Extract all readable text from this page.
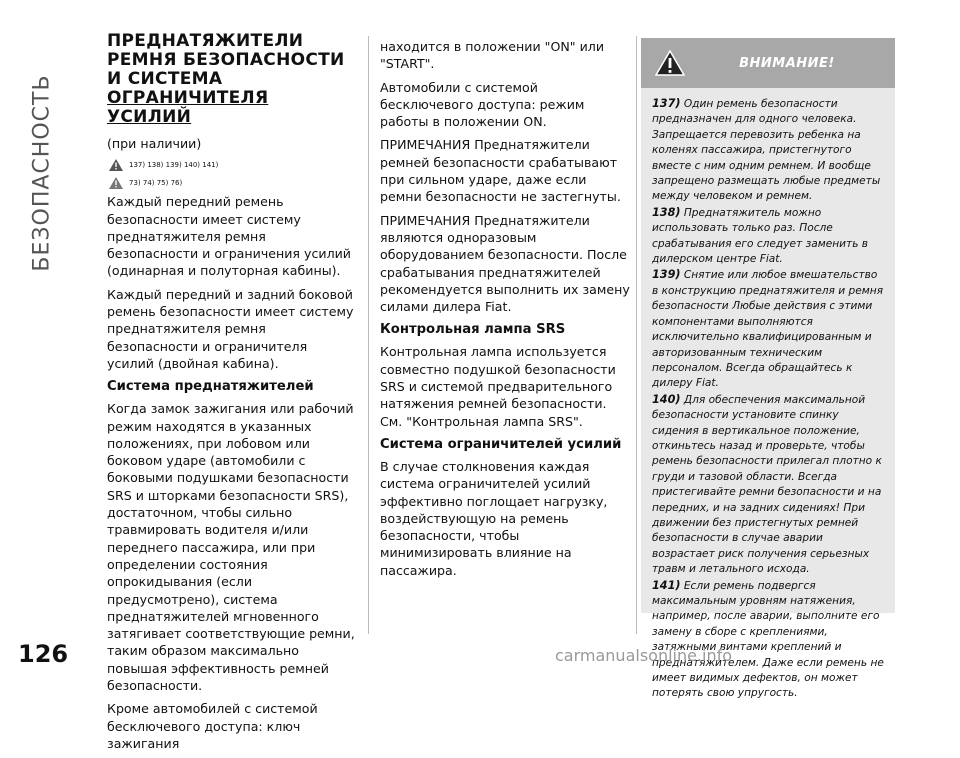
БЕЗОПАСНОСТЬ
ПРЕДНАТЯЖИТЕЛИ
РЕМНЯ БЕЗОПАСНОСТИ
И СИСТЕМА
ОГРАНИЧИТЕЛЯ УСИЛИЙ

(при наличии)

137) 138) 139) 140) 141)
73) 74) 75) 76)

Каждый передний ремень безопасности имеет систему преднатяжителя ремня безопасности и ограничения усилий (одинарная и полуторная кабины).

Каждый передний и задний боковой ремень безопасности имеет систему преднатяжителя ремня безопасности и ограничителя усилий (двойная кабина).

Система преднатяжителей

Когда замок зажигания или рабочий режим находятся в указанных положениях, при лобовом или боковом ударе (автомобили с боковыми подушками безопасности SRS и шторками безопасности SRS), достаточном, чтобы сильно травмировать водителя и/или переднего пассажира, или при определении состояния опрокидывания (если предусмотрено), система преднатяжителей мгновенного затягивает соответствующие ремни, таким образом максимально повышая эффективность ремней безопасности.

Кроме автомобилей с системой бесключевого доступа: ключ зажигания

находится в положении "ON" или "START".

Автомобили с системой бесключевого доступа: режим работы в положении ON.

ПРИМЕЧАНИЯ Преднатяжители ремней безопасности срабатывают при сильном ударе, даже если ремни безопасности не застегнуты.

ПРИМЕЧАНИЯ Преднатяжители являются одноразовым оборудованием безопасности. После срабатывания преднатяжителей рекомендуется выполнить их замену силами дилера Fiat.

Контрольная лампа SRS

Контрольная лампа используется совместно подушкой безопасности SRS и системой предварительного натяжения ремней безопасности. См. "Контрольная лампа SRS".

Система ограничителей усилий

В случае столкновения каждая система ограничителей усилий эффективно поглощает нагрузку, воздействующую на ремень безопасности, чтобы минимизировать влияние на пассажира.

ВНИМАНИЕ!

137) Один ремень безопасности предназначен для одного человека. Запрещается перевозить ребенка на коленях пассажира, пристегнутого вместе с ним одним ремнем. И вообще запрещено размещать любые предметы между человеком и ремнем.

138) Преднатяжитель можно использовать только раз. После срабатывания его следует заменить в дилерском центре Fiat.

139) Снятие или любое вмешательство в конструкцию преднатяжителя и ремня безопасности Любые действия с этими компонентами выполняются исключительно квалифицированным и авторизованным техническим персоналом. Всегда обращайтесь к дилеру Fiat.

140) Для обеспечения максимальной безопасности установите спинку сидения в вертикальное положение, откиньтесь назад и проверьте, чтобы ремень безопасности прилегал плотно к груди и тазовой области. Всегда пристегивайте ремни безопасности и на передних, и на задних сидениях! При движении без пристегнутых ремней безопасности в случае аварии возрастает риск получения серьезных травм и летального исхода.

141) Если ремень подвергся максимальным уровням натяжения, например, после аварии, выполните его замену в сборе с креплениями, затяжными винтами креплений и преднатяжителем. Даже если ремень не имеет видимых дефектов, он может потерять свою упругость.

126	carmanualsonline.info
